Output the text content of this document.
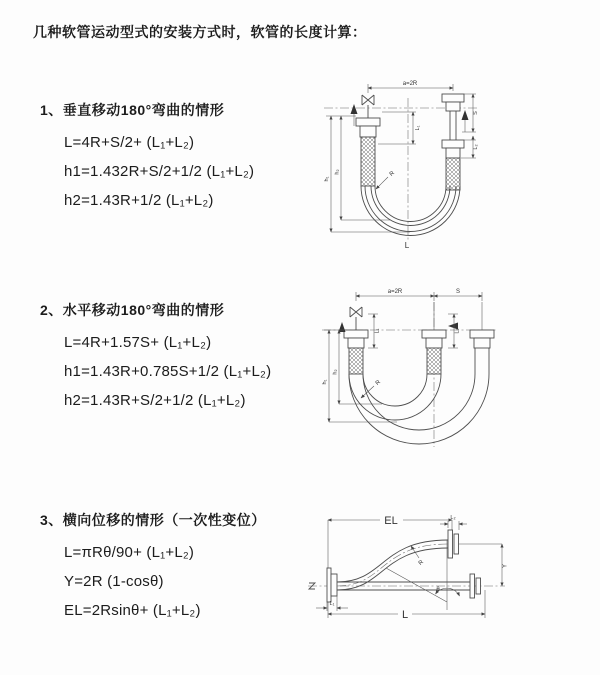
几种软管运动型式的安装方式时，软管的长度计算：
1、垂直移动180°弯曲的情形
L=4R+S/2+ (L₁+L₂)
h1=1.432R+S/2+1/2 (L₁+L₂)
h2=1.43R+1/2 (L₁+L₂)
a=2R
L₁
S
L₂
R
h₁
h₂
L
2、水平移动180°弯曲的情形
L=4R+1.57S+ (L₁+L₂)
h1=1.43R+0.785S+1/2 (L₁+L₂)
h2=1.43R+S/2+1/2 (L₁+L₂)
a=2R	S
L₁	L₂
h₁
h₂
R
3、横向位移的情形（一次性变位）
L=πRθ/90+ (L₁+L₂)
Y=2R (1-cosθ)
EL=2Rsinθ+ (L₁+L₂)
EL	L₂
Y
R
θ
L
L₁
